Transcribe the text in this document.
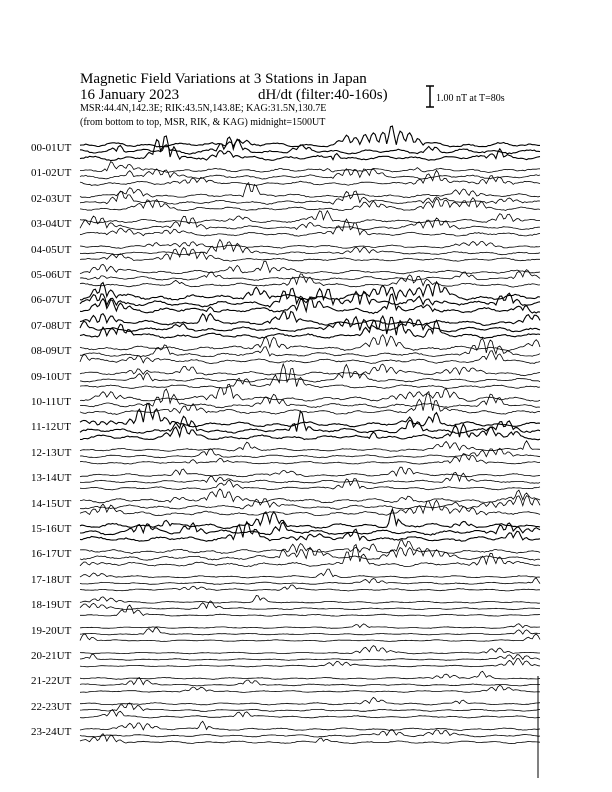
Magnetic Field Variations at 3 Stations in Japan
16 January 2023	dH/dt (filter:40-160s)
MSR:44.4N,142.3E; RIK:43.5N,143.8E; KAG:31.5N,130.7E
(from bottom to top, MSR, RIK, & KAG) midnight=1500UT
1.00 nT at T=80s
00-01UT
01-02UT
02-03UT
03-04UT
04-05UT
05-06UT
06-07UT
07-08UT
08-09UT
09-10UT
10-11UT
11-12UT
12-13UT
13-14UT
14-15UT
15-16UT
16-17UT
17-18UT
18-19UT
19-20UT
20-21UT
21-22UT
22-23UT
23-24UT
